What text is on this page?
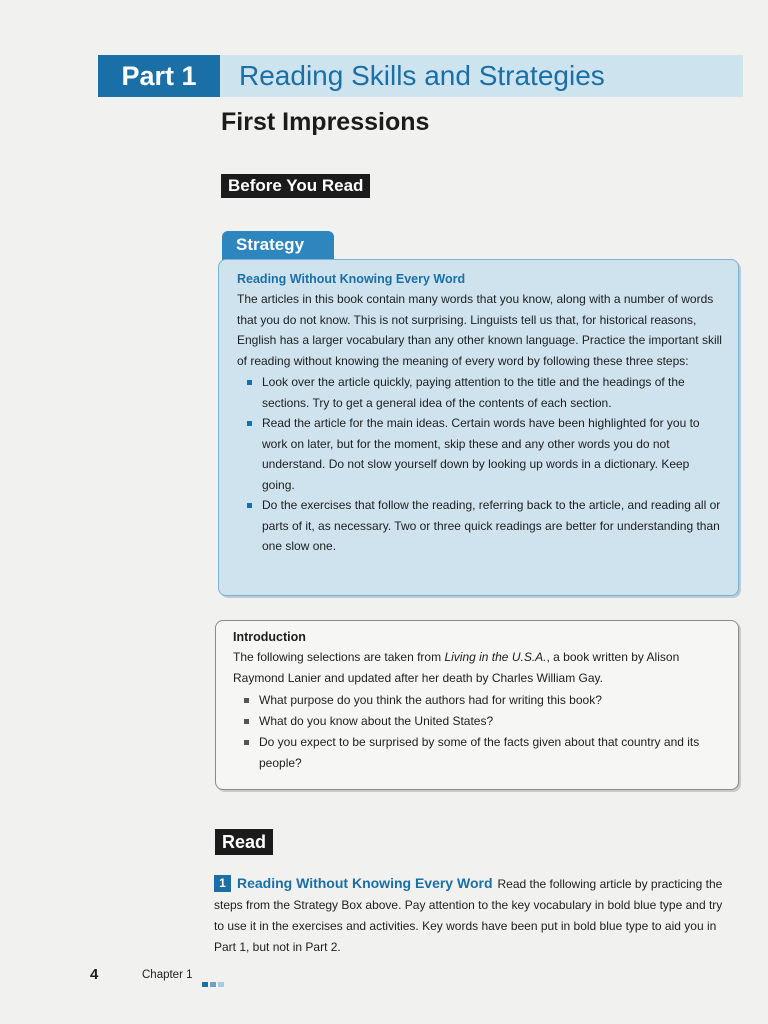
Part 1	Reading Skills and Strategies
First Impressions
Before You Read
Strategy
Reading Without Knowing Every Word
The articles in this book contain many words that you know, along with a number of words that you do not know. This is not surprising. Linguists tell us that, for historical reasons, English has a larger vocabulary than any other known language. Practice the important skill of reading without knowing the meaning of every word by following these three steps:
Look over the article quickly, paying attention to the title and the headings of the sections. Try to get a general idea of the contents of each section.
Read the article for the main ideas. Certain words have been highlighted for you to work on later, but for the moment, skip these and any other words you do not understand. Do not slow yourself down by looking up words in a dictionary. Keep going.
Do the exercises that follow the reading, referring back to the article, and reading all or parts of it, as necessary. Two or three quick readings are better for understanding than one slow one.
Introduction
The following selections are taken from Living in the U.S.A., a book written by Alison Raymond Lanier and updated after her death by Charles William Gay.
What purpose do you think the authors had for writing this book?
What do you know about the United States?
Do you expect to be surprised by some of the facts given about that country and its people?
Read
1 Reading Without Knowing Every Word Read the following article by practicing the steps from the Strategy Box above. Pay attention to the key vocabulary in bold blue type and try to use it in the exercises and activities. Key words have been put in bold blue type to aid you in Part 1, but not in Part 2.
4	Chapter 1
